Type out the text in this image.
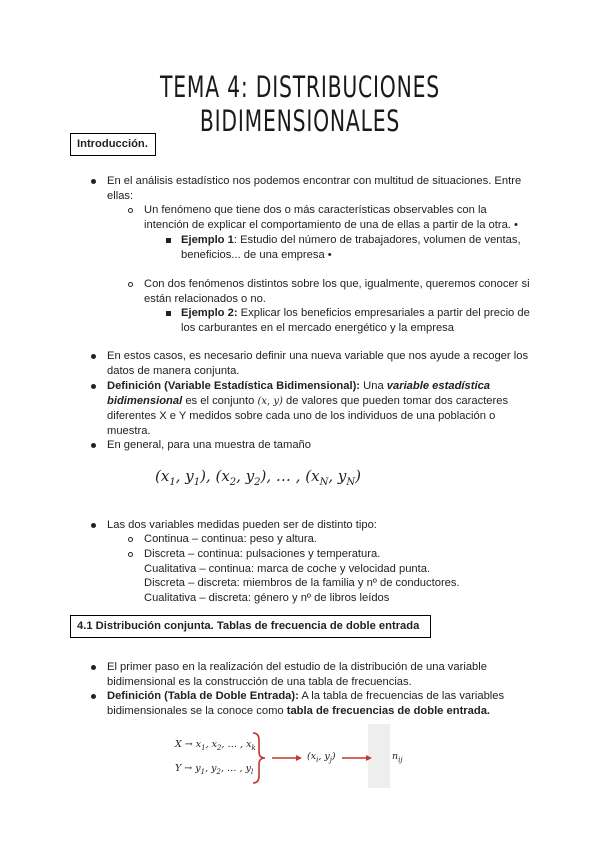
TEMA 4: DISTRIBUCIONES BIDIMENSIONALES
Introducción.
En el análisis estadístico nos podemos encontrar con multitud de situaciones. Entre
ellas:
Un fenómeno que tiene dos o más características observables con la
intención de explicar el comportamiento de una de ellas a partir de la otra. •
Ejemplo 1: Estudio del número de trabajadores, volumen de ventas,
beneficios... de una empresa •
Con dos fenómenos distintos sobre los que, igualmente, queremos conocer si
están relacionados o no.
Ejemplo 2: Explicar los beneficios empresariales a partir del precio de
los carburantes en el mercado energético y la empresa
En estos casos, es necesario definir una nueva variable que nos ayude a recoger los
datos de manera conjunta.
Definición (Variable Estadística Bidimensional): Una variable estadística
bidimensional es el conjunto (x, y) de valores que pueden tomar dos caracteres
diferentes X e Y medidos sobre cada uno de los individuos de una población o
muestra.
En general, para una muestra de tamaño
($x_1$, $y_1$), ($x_2$, $y_2$), … , ($x_N$, $y_N$)
Las dos variables medidas pueden ser de distinto tipo:
Continua – continua: peso y altura.
Discreta – continua: pulsaciones y temperatura.
Cualitativa – continua: marca de coche y velocidad punta.
Discreta – discreta: miembros de la familia y nº de conductores.
Cualitativa – discreta: género y nº de libros leídos
4.1 Distribución conjunta. Tablas de frecuencia de doble entrada
El primer paso en la realización del estudio de la distribución de una variable
bidimensional es la construcción de una tabla de frecuencias.
Definición (Tabla de Doble Entrada): A la tabla de frecuencias de las variables
bidimensionales se la conoce como tabla de frecuencias de doble entrada.
$X \to x_1$, $x_2$, … , $x_k$
$Y \to y_1$, $y_2$, … , $y_l$
($x_i$, $y_j$)	$n_{ij}$
